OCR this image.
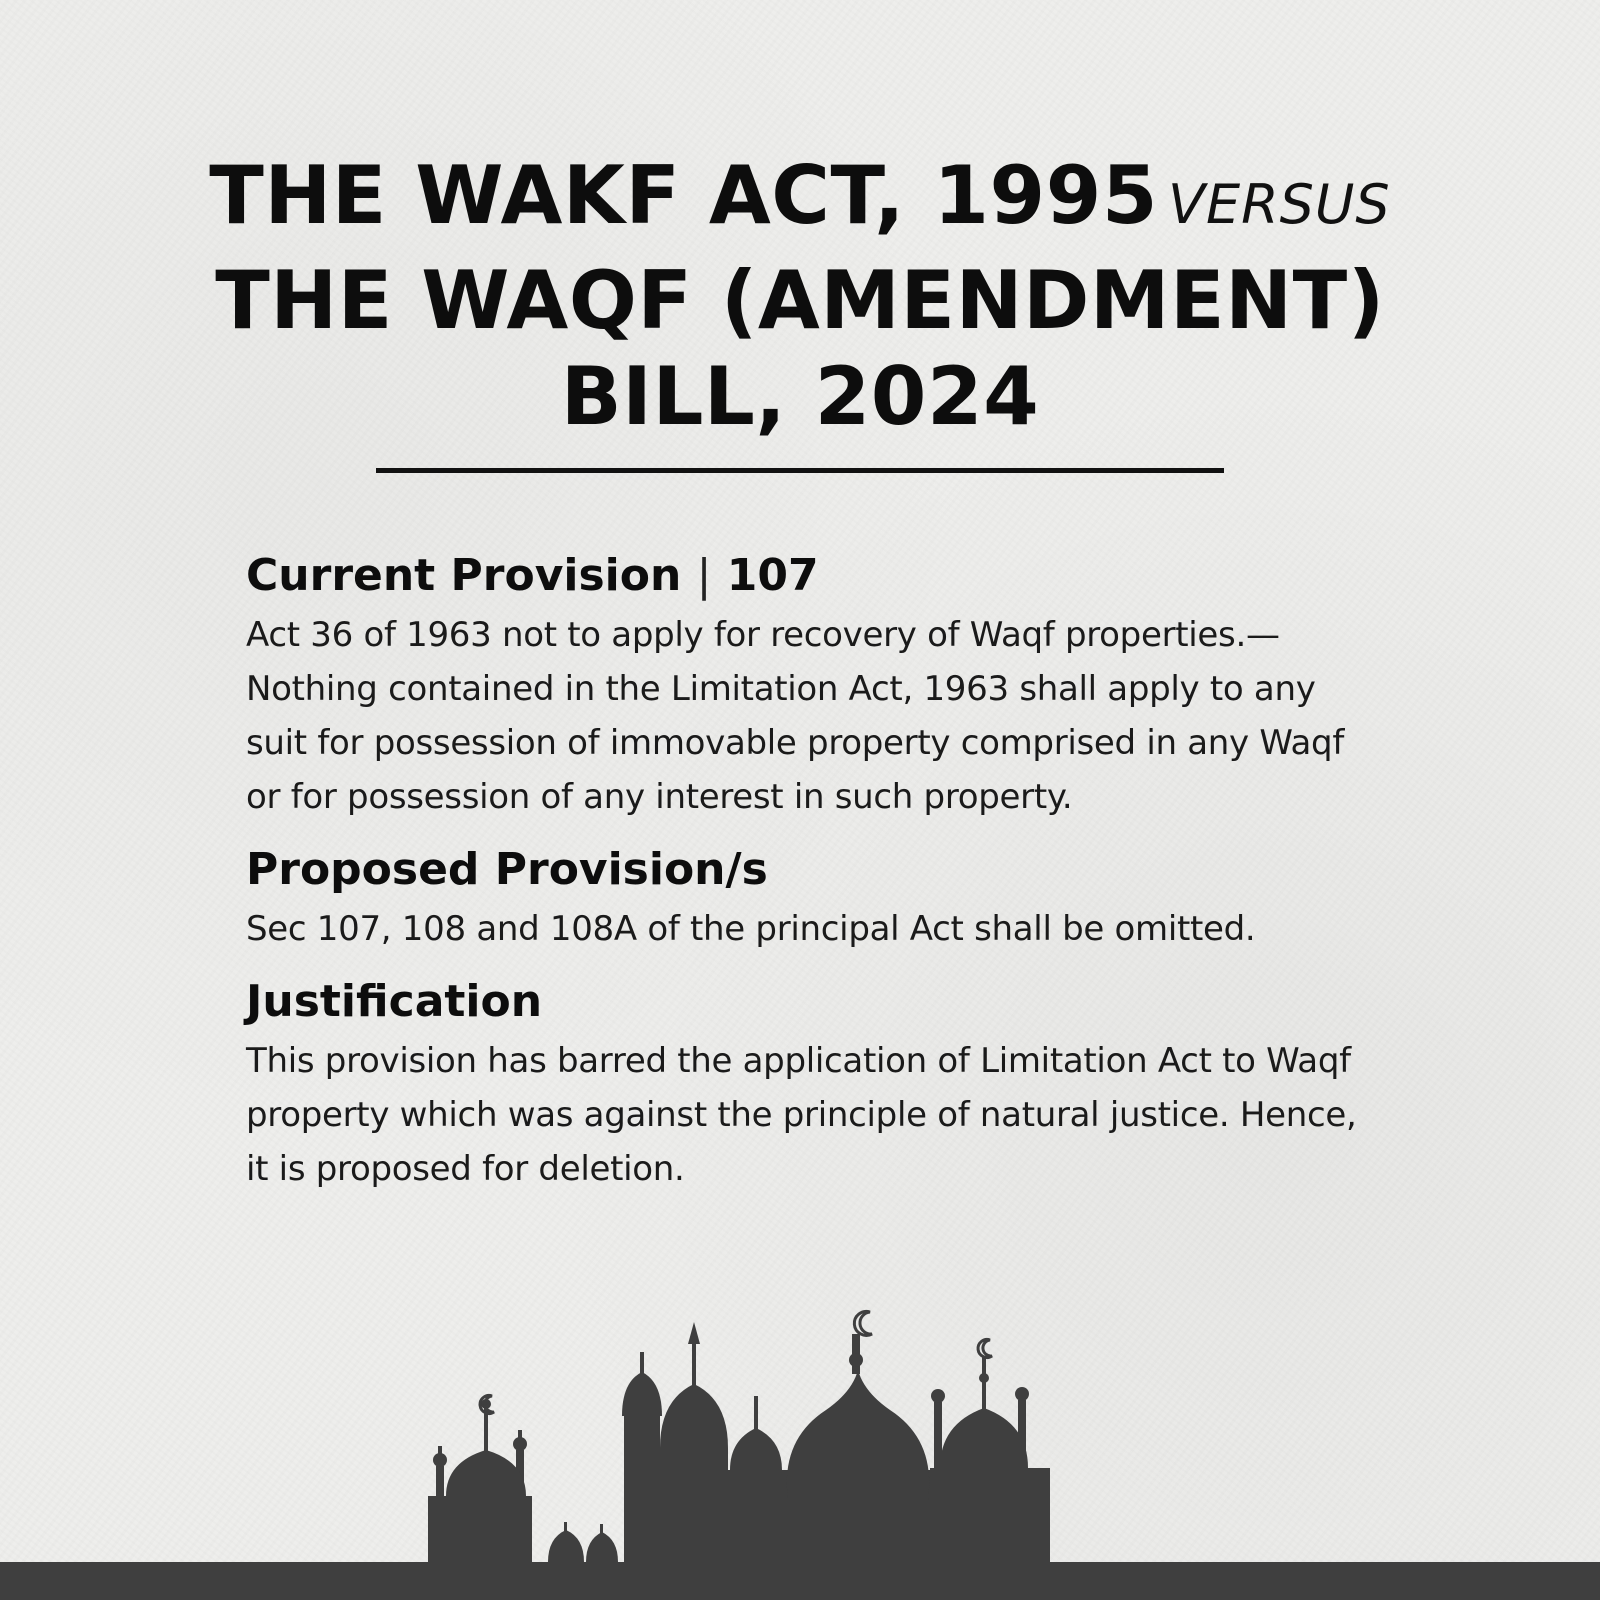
THE WAKF ACT, 1995 VERSUS
THE WAQF (AMENDMENT)
BILL, 2024
Current Provision | 107

Act 36 of 1963 not to apply for recovery of Waqf properties.— Nothing contained in the Limitation Act, 1963 shall apply to any suit for possession of immovable property comprised in any Waqf or for possession of any interest in such property.

Proposed Provision/s

Sec 107, 108 and 108A of the principal Act shall be omitted.

Justification

This provision has barred the application of Limitation Act to Waqf property which was against the principle of natural justice. Hence, it is proposed for deletion.
